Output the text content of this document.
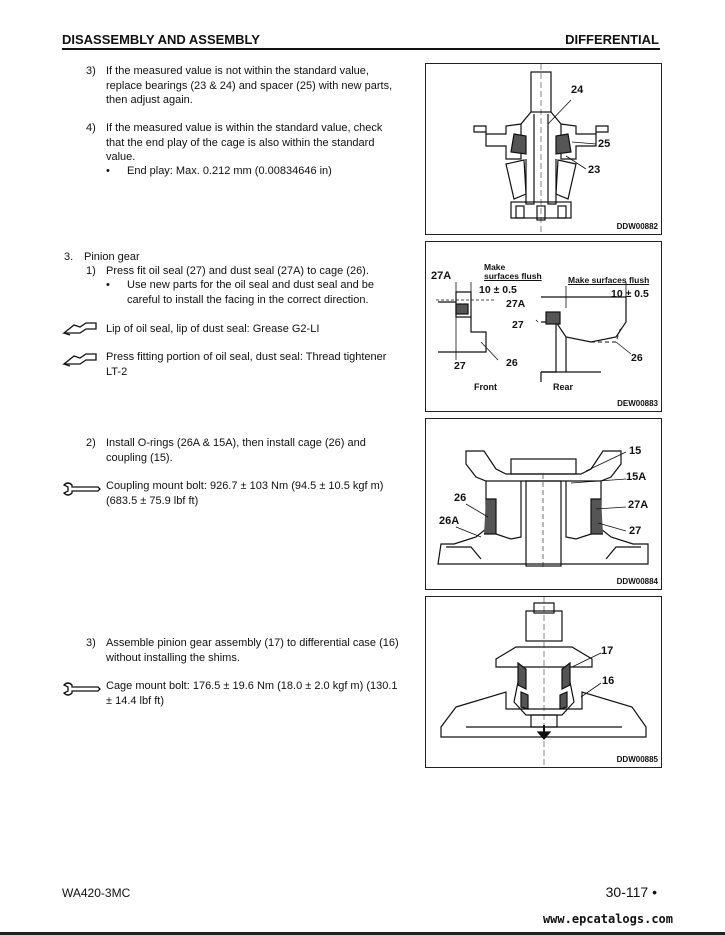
DISASSEMBLY AND ASSEMBLY	DIFFERENTIAL
3) If the measured value is not within the standard value,
replace bearings (23 & 24) and spacer (25) with new parts,
then adjust again.
4) If the measured value is within the standard value, check
that the end play of the cage is also within the standard
value.
• End play: Max. 0.212 mm (0.00834646 in)
24
25
23
DDW00882
3. Pinion gear
1) Press fit oil seal (27) and dust seal (27A) to cage (26).
• Use new parts for the oil seal and dust seal and be
careful to install the facing in the correct direction.
Lip of oil seal, lip of dust seal: Grease G2-LI
Press fitting portion of oil seal, dust seal: Thread tightener
LT-2
27A
Make
surfaces flush
10 ± 0.5
27	26
Front
Make surfaces flush
10 ± 0.5
27A
27
26
Rear
DEW00883
2) Install O-rings (26A & 15A), then install cage (26) and
coupling (15).
Coupling mount bolt: 926.7 ± 103 Nm (94.5 ± 10.5 kgf m)
(683.5 ± 75.9 lbf ft)
15
15A
26
27A
26A
27
DDW00884
3) Assemble pinion gear assembly (17) to differential case (16)
without installing the shims.
Cage mount bolt: 176.5 ± 19.6 Nm (18.0 ± 2.0 kgf m) (130.1
± 14.4 lbf ft)
17
16
DDW00885
WA420-3MC	30-117 •
www.epcatalogs.com
